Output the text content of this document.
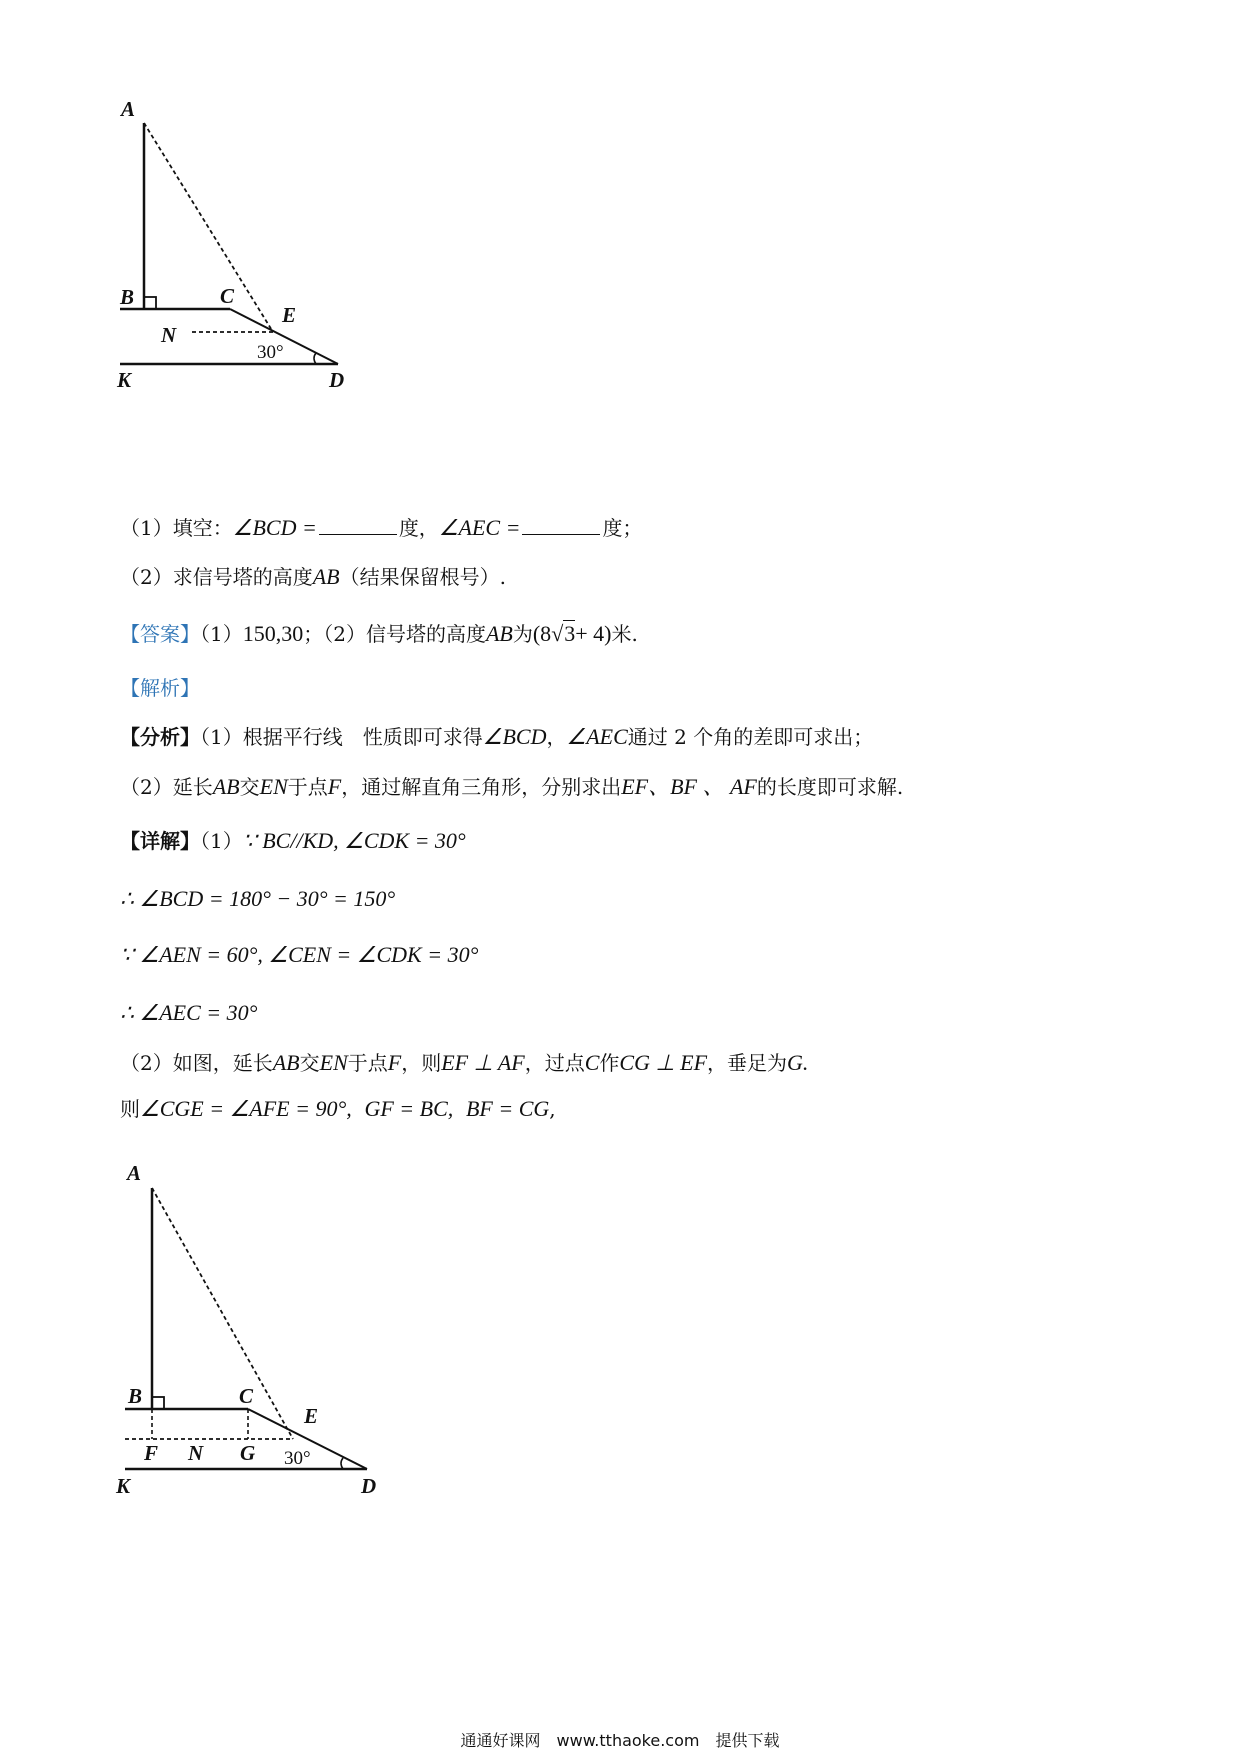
A
B	C
E
N
30°
K	D
（1）填空：∠BCD =	度，∠AEC =	度；
（2）求信号塔的高度AB（结果保留根号）.
【答案】（1）150,30；（2）信号塔的高度AB为(8√3+ 4)米.
【解析】
【分析】（1）根据平行线　性质即可求得∠BCD，∠AEC通过 2 个角的差即可求出；
（2）延长AB交EN于点F，通过解直角三角形，分别求出EF、BF 、 AF的长度即可求解.
【详解】（1）∵ BC//KD, ∠CDK = 30°
∴ ∠BCD = 180° − 30° = 150°
∵ ∠AEN = 60°, ∠CEN = ∠CDK = 30°
∴ ∠AEC = 30°
（2）如图，延长AB交EN于点F，则EF ⊥ AF，过点C作CG ⊥ EF，垂足为G.
则∠CGE = ∠AFE = 90°, GF = BC, BF = CG,
A
B	C
E
F N G 30°
K	D
通通好课网　www.tthaoke.com　提供下载
